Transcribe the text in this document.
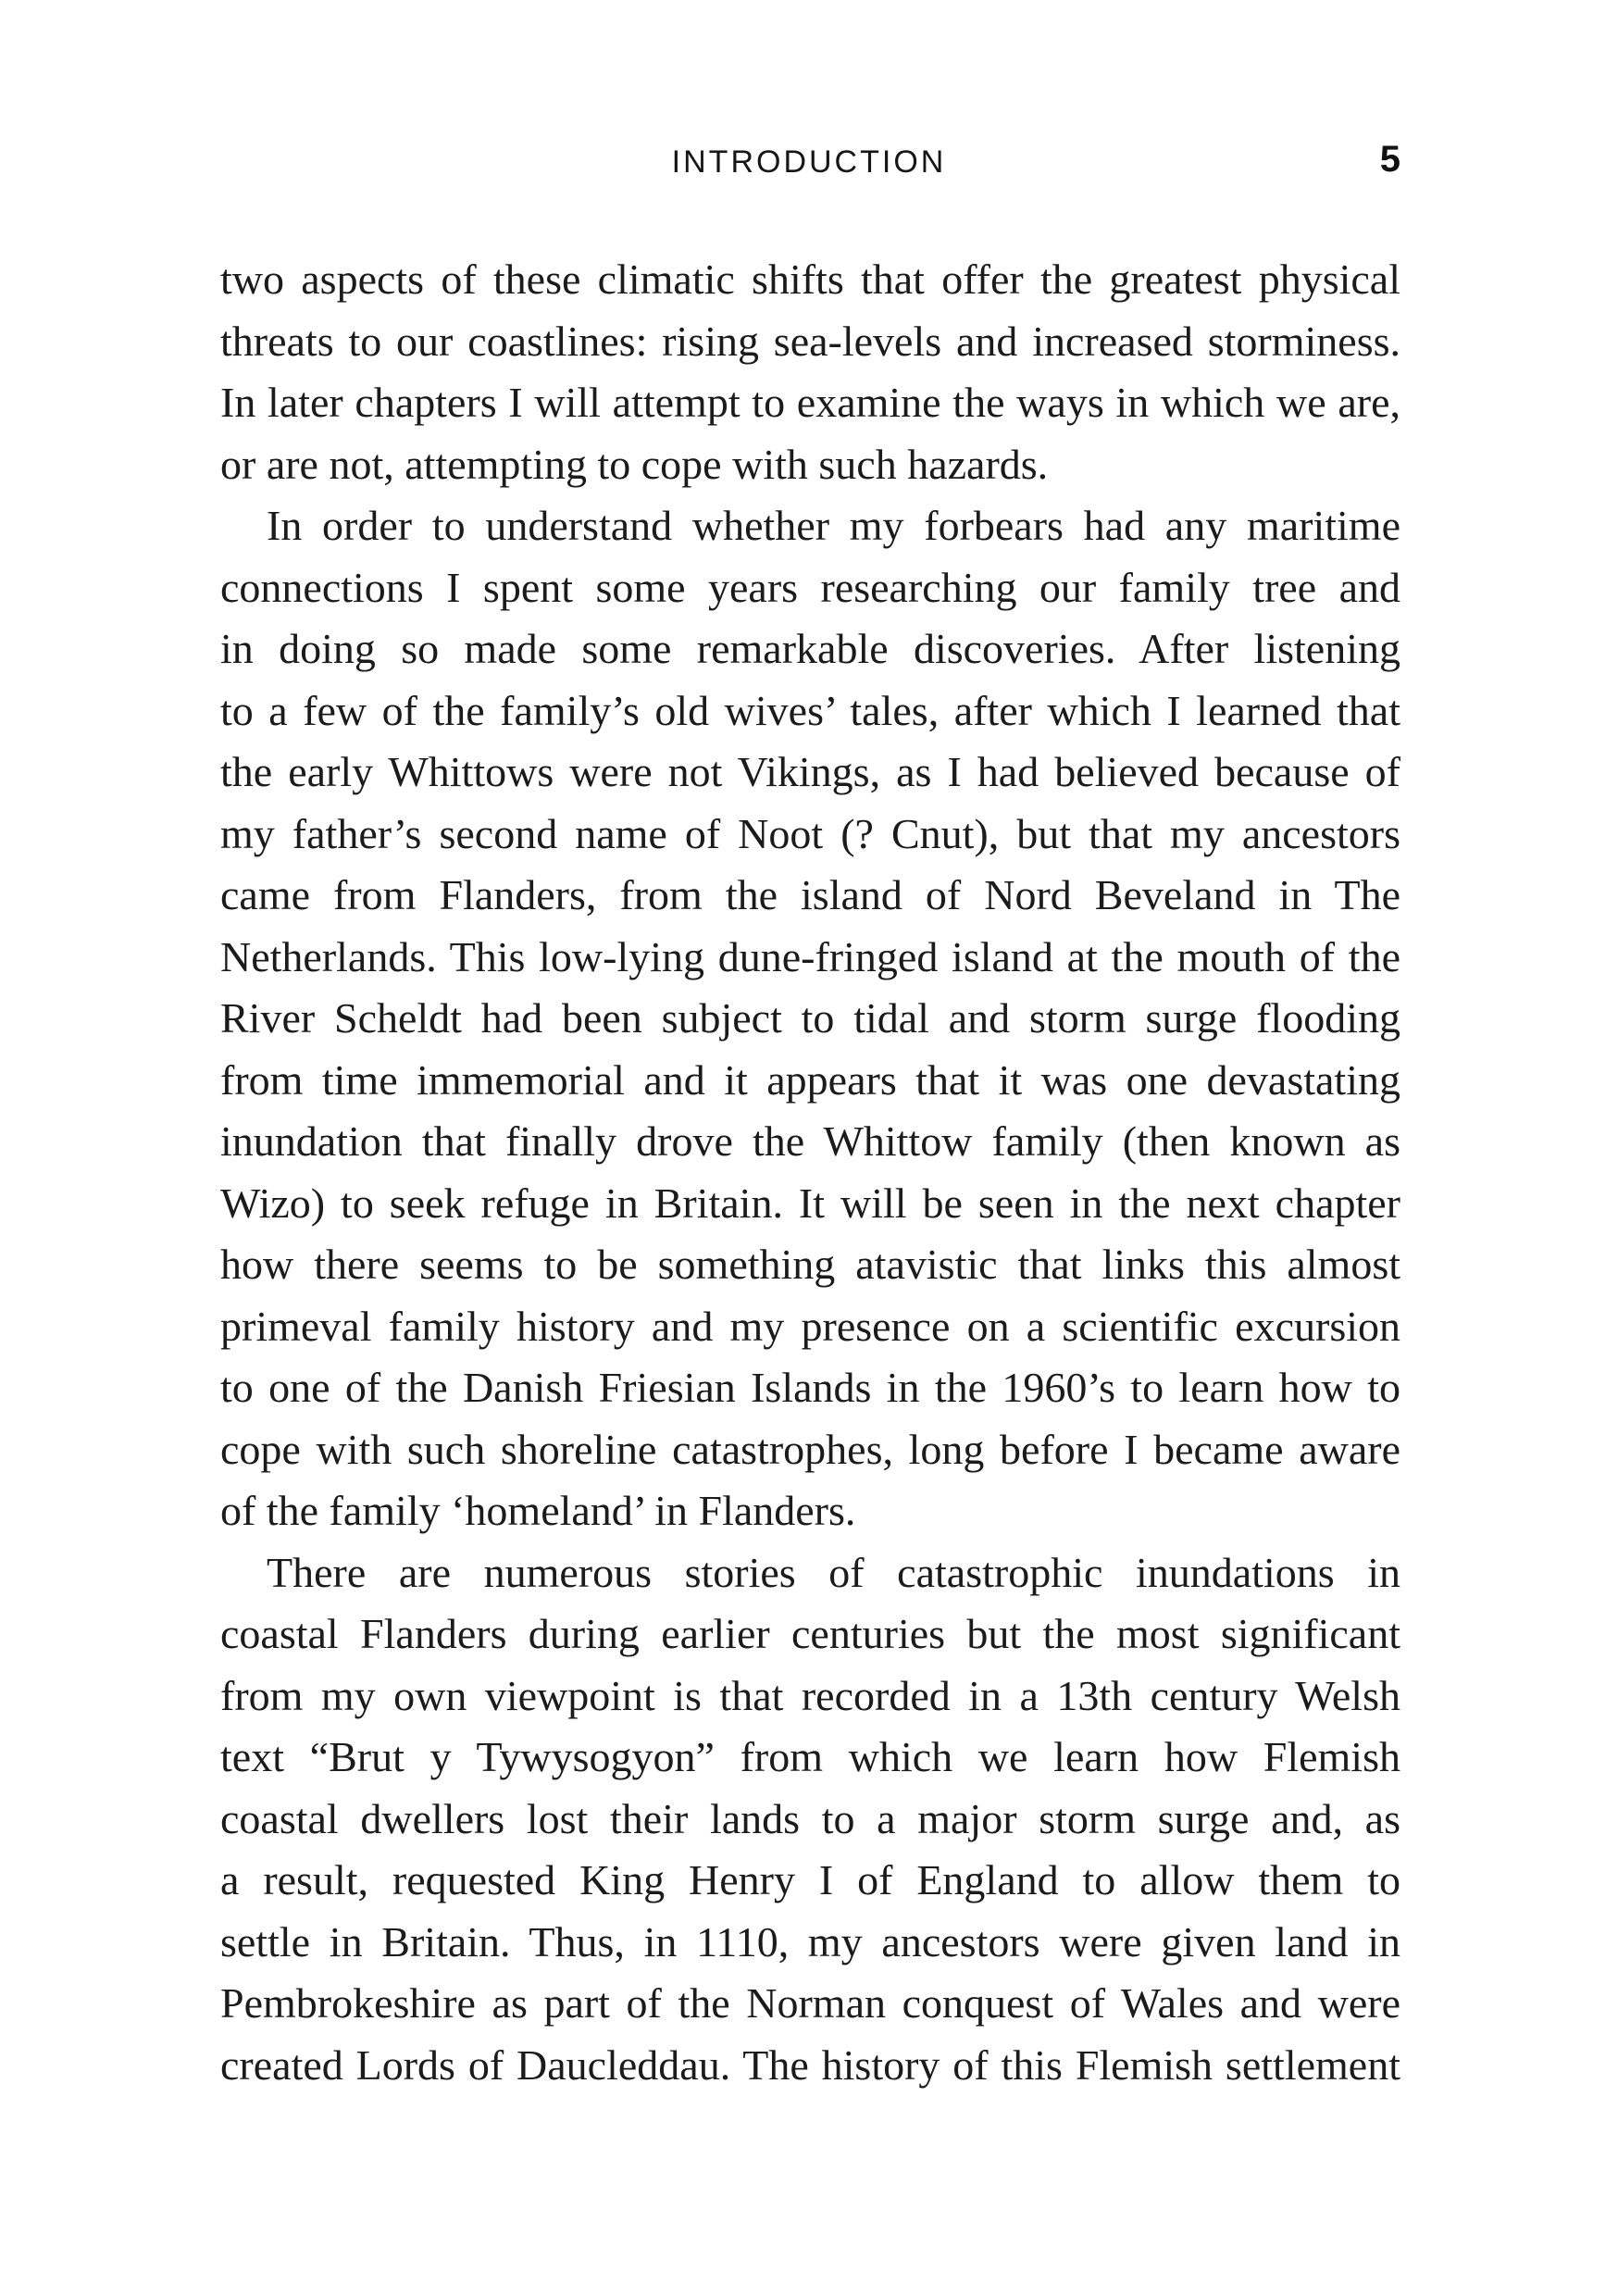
INTRODUCTION	5
two aspects of these climatic shifts that offer the greatest physical
threats to our coastlines: rising sea-levels and increased storminess.
In later chapters I will attempt to examine the ways in which we are,
or are not, attempting to cope with such hazards.
In order to understand whether my forbears had any maritime
connections I spent some years researching our family tree and
in doing so made some remarkable discoveries. After listening
to a few of the family’s old wives’ tales, after which I learned that
the early Whittows were not Vikings, as I had believed because of
my father’s second name of Noot (? Cnut), but that my ancestors
came from Flanders, from the island of Nord Beveland in The
Netherlands. This low-lying dune-fringed island at the mouth of the
River Scheldt had been subject to tidal and storm surge flooding
from time immemorial and it appears that it was one devastating
inundation that finally drove the Whittow family (then known as
Wizo) to seek refuge in Britain. It will be seen in the next chapter
how there seems to be something atavistic that links this almost
primeval family history and my presence on a scientific excursion
to one of the Danish Friesian Islands in the 1960’s to learn how to
cope with such shoreline catastrophes, long before I became aware
of the family ‘homeland’ in Flanders.
There are numerous stories of catastrophic inundations in
coastal Flanders during earlier centuries but the most significant
from my own viewpoint is that recorded in a 13th century Welsh
text “Brut y Tywysogyon” from which we learn how Flemish
coastal dwellers lost their lands to a major storm surge and, as
a result, requested King Henry I of England to allow them to
settle in Britain. Thus, in 1110, my ancestors were given land in
Pembrokeshire as part of the Norman conquest of Wales and were
created Lords of Daucleddau. The history of this Flemish settlement
